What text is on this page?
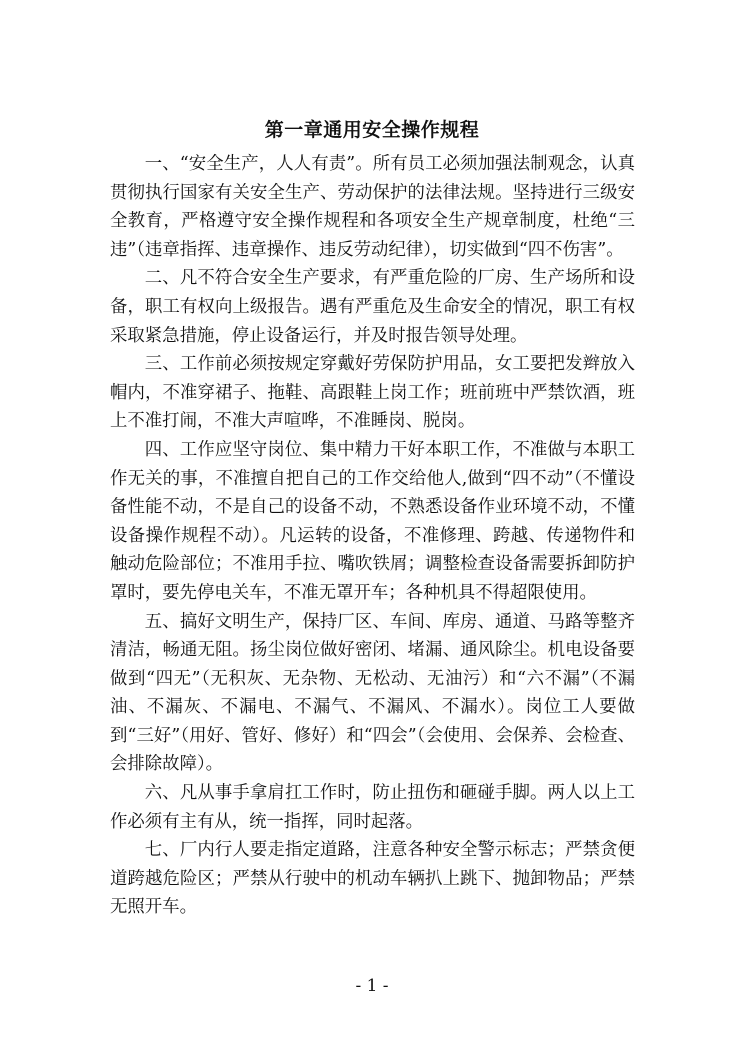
第一章通用安全操作规程

一、“安全生产，人人有责”。所有员工必须加强法制观念，认真贯彻执行国家有关安全生产、劳动保护的法律法规。坚持进行三级安全教育，严格遵守安全操作规程和各项安全生产规章制度，杜绝“三违”（违章指挥、违章操作、违反劳动纪律），切实做到“四不伤害”。

二、凡不符合安全生产要求，有严重危险的厂房、生产场所和设备，职工有权向上级报告。遇有严重危及生命安全的情况，职工有权采取紧急措施，停止设备运行，并及时报告领导处理。

三、工作前必须按规定穿戴好劳保防护用品，女工要把发辫放入帽内，不准穿裙子、拖鞋、高跟鞋上岗工作；班前班中严禁饮酒，班上不准打闹，不准大声喧哗，不准睡岗、脱岗。

四、工作应坚守岗位、集中精力干好本职工作，不准做与本职工作无关的事，不准擅自把自己的工作交给他人,做到“四不动”（不懂设备性能不动，不是自己的设备不动，不熟悉设备作业环境不动，不懂设备操作规程不动）。凡运转的设备，不准修理、跨越、传递物件和触动危险部位；不准用手拉、嘴吹铁屑；调整检查设备需要拆卸防护罩时，要先停电关车，不准无罩开车；各种机具不得超限使用。

五、搞好文明生产，保持厂区、车间、库房、通道、马路等整齐清洁，畅通无阻。扬尘岗位做好密闭、堵漏、通风除尘。机电设备要做到“四无”（无积灰、无杂物、无松动、无油污）和“六不漏”（不漏油、不漏灰、不漏电、不漏气、不漏风、不漏水）。岗位工人要做到“三好”（用好、管好、修好）和“四会”（会使用、会保养、会检查、会排除故障）。

六、凡从事手拿肩扛工作时，防止扭伤和砸碰手脚。两人以上工作必须有主有从，统一指挥，同时起落。

七、厂内行人要走指定道路，注意各种安全警示标志；严禁贪便道跨越危险区；严禁从行驶中的机动车辆扒上跳下、抛卸物品；严禁无照开车。

- 1 -
